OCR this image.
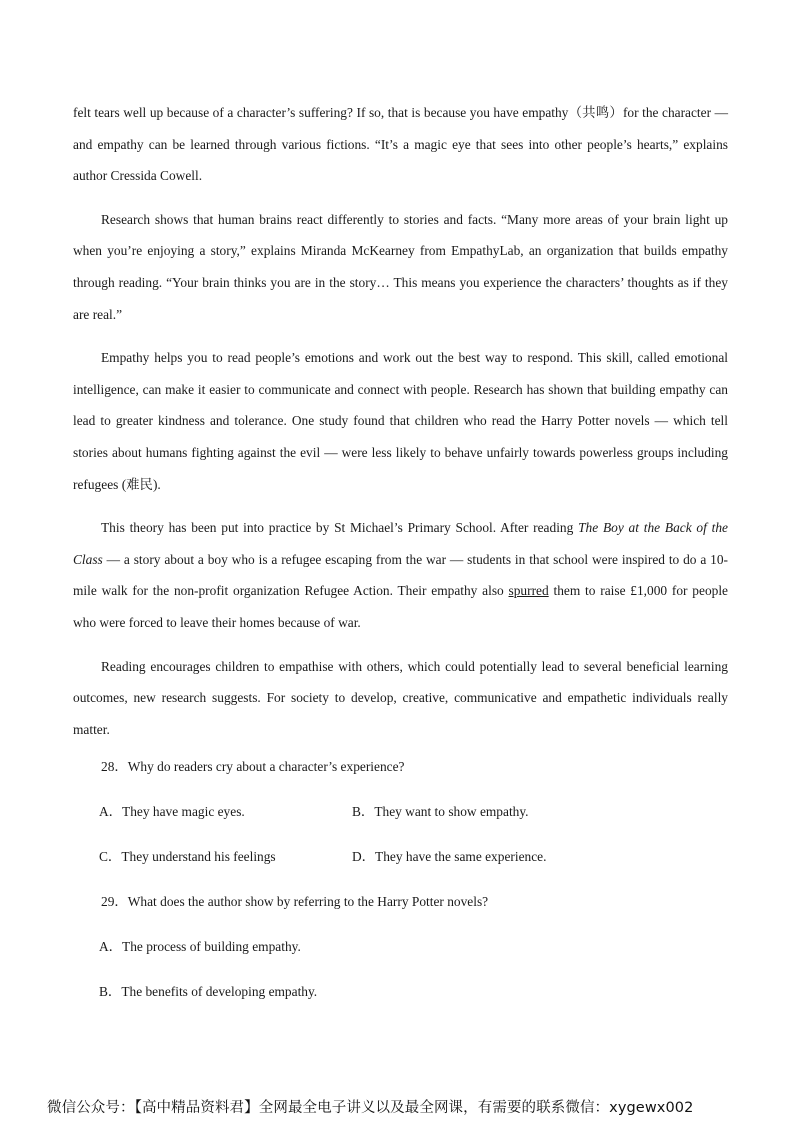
felt tears well up because of a character’s suffering? If so, that is because you have empathy（共鸣）for the character — and empathy can be learned through various fictions. “It’s a magic eye that sees into other people’s hearts,” explains author Cressida Cowell.

Research shows that human brains react differently to stories and facts. “Many more areas of your brain light up when you’re enjoying a story,” explains Miranda McKearney from EmpathyLab, an organization that builds empathy through reading. “Your brain thinks you are in the story… This means you experience the characters’ thoughts as if they are real.”

Empathy helps you to read people’s emotions and work out the best way to respond. This skill, called emotional intelligence, can make it easier to communicate and connect with people. Research has shown that building empathy can lead to greater kindness and tolerance. One study found that children who read the Harry Potter novels — which tell stories about humans fighting against the evil — were less likely to behave unfairly towards powerless groups including refugees (难民).

This theory has been put into practice by St Michael’s Primary School. After reading The Boy at the Back of the Class — a story about a boy who is a refugee escaping from the war — students in that school were inspired to do a 10-mile walk for the non-profit organization Refugee Action. Their empathy also spurred them to raise £1,000 for people who were forced to leave their homes because of war.

Reading encourages children to empathise with others, which could potentially lead to several beneficial learning outcomes, new research suggests. For society to develop, creative, communicative and empathetic individuals really matter.

28．Why do readers cry about a character’s experience?

A．They have magic eyes.	B．They want to show empathy.
C．They understand his feelings	D．They have the same experience.

29．What does the author show by referring to the Harry Potter novels?

A．The process of building empathy.
B．The benefits of developing empathy.
微信公众号：【高中精品资料君】全网最全电子讲义以及最全网课，有需要的联系微信：xygewx002
